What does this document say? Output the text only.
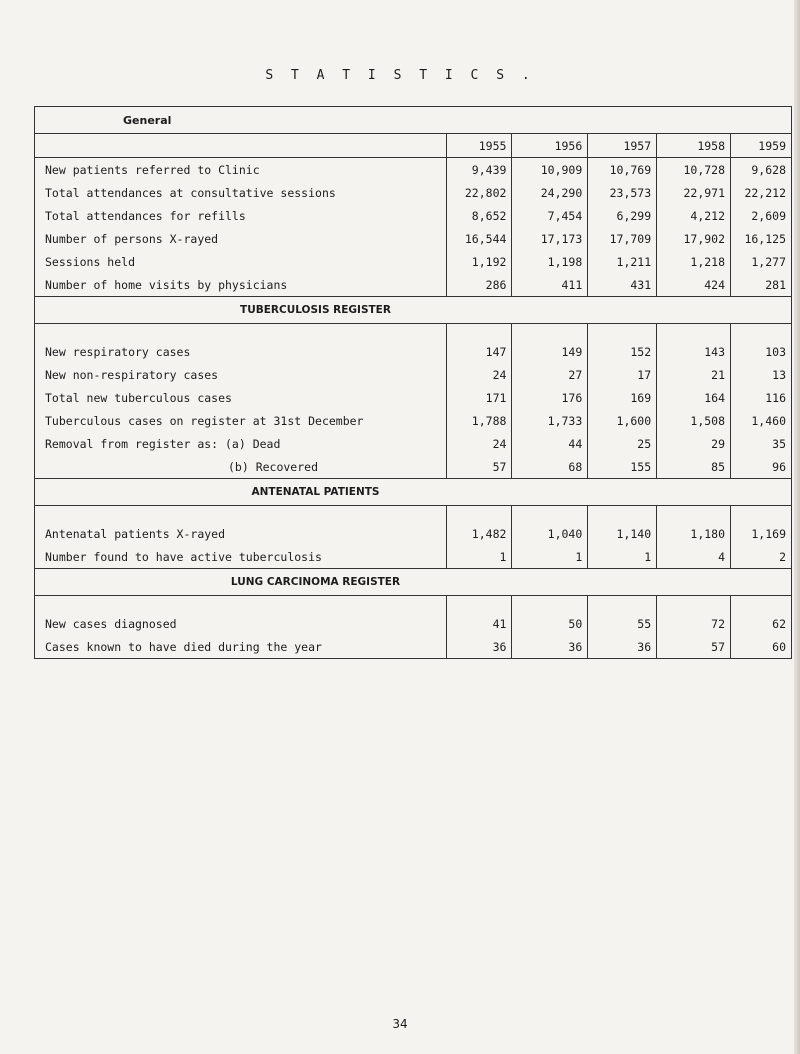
S T A T I S T I C S .
General					
	1955	1956	1957	1958	1959
New patients referred to Clinic	9,439	10,909	10,769	10,728	9,628
Total attendances at consultative sessions	22,802	24,290	23,573	22,971	22,212
Total attendances for refills	8,652	7,454	6,299	4,212	2,609
Number of persons X-rayed	16,544	17,173	17,709	17,902	16,125
Sessions held	1,192	1,198	1,211	1,218	1,277
Number of home visits by physicians	286	411	431	424	281
TUBERCULOSIS REGISTER					

New respiratory cases	147	149	152	143	103
New non-respiratory cases	24	27	17	21	13
Total new tuberculous cases	171	176	169	164	116
Tuberculous cases on register at 31st December	1,788	1,733	1,600	1,508	1,460
Removal from register as: (a) Dead	24	44	25	29	35
(b) Recovered	57	68	155	85	96
ANTENATAL PATIENTS					

Antenatal patients X-rayed	1,482	1,040	1,140	1,180	1,169
Number found to have active tuberculosis	1	1	1	4	2
LUNG CARCINOMA REGISTER					

New cases diagnosed	41	50	55	72	62
Cases known to have died during the year	36	36	36	57	60
34
